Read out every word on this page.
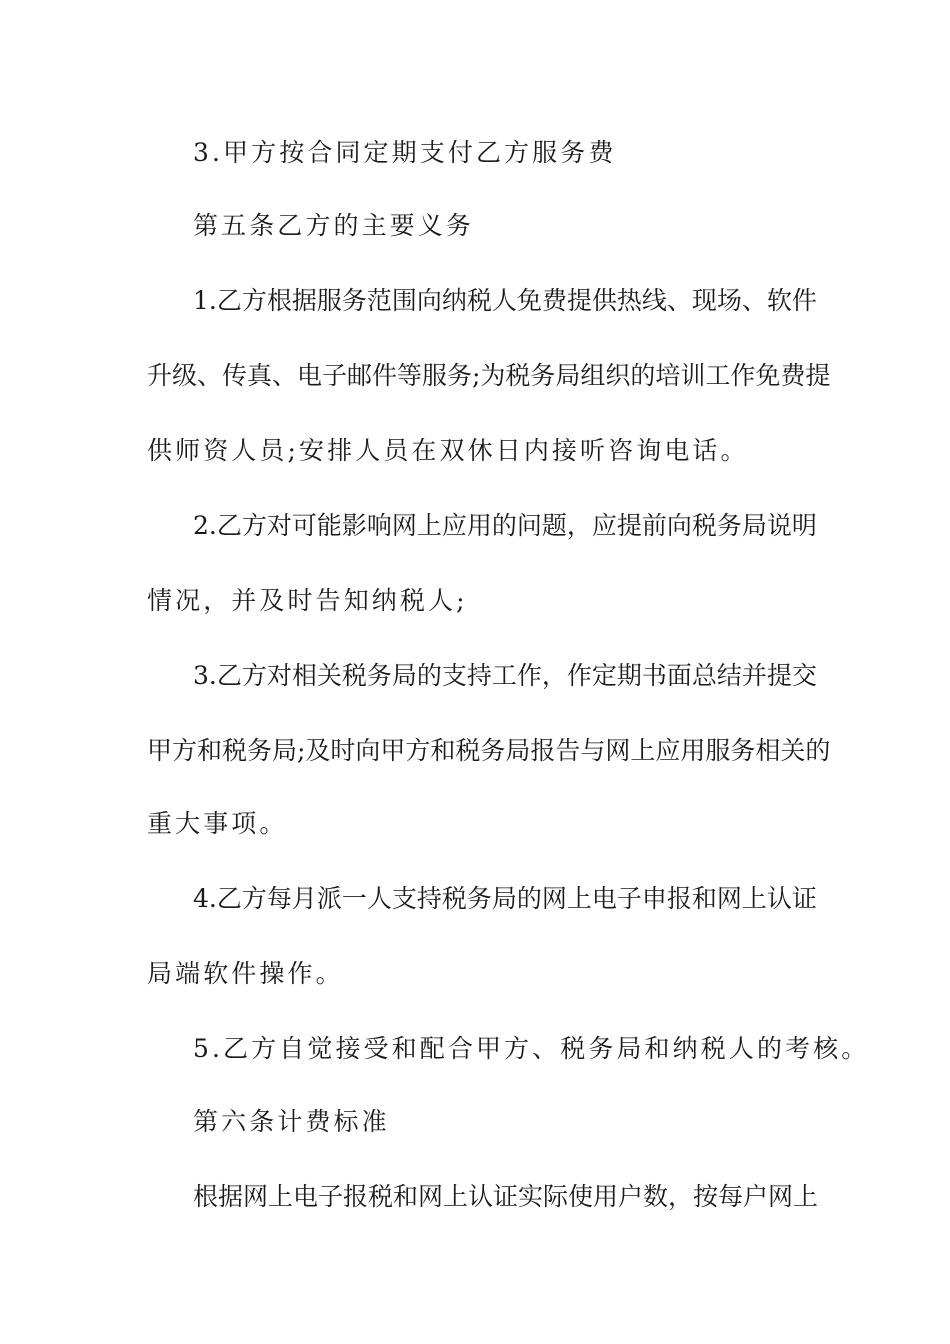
3.甲方按合同定期支付乙方服务费
第五条乙方的主要义务
1.乙方根据服务范围向纳税人免费提供热线、现场、软件
升级、传真、电子邮件等服务;为税务局组织的培训工作免费提
供师资人员;安排人员在双休日内接听咨询电话。
2.乙方对可能影响网上应用的问题，应提前向税务局说明
情况，并及时告知纳税人;
3.乙方对相关税务局的支持工作，作定期书面总结并提交
甲方和税务局;及时向甲方和税务局报告与网上应用服务相关的
重大事项。
4.乙方每月派一人支持税务局的网上电子申报和网上认证
局端软件操作。
5.乙方自觉接受和配合甲方、税务局和纳税人的考核。
第六条计费标准
根据网上电子报税和网上认证实际使用户数，按每户网上
